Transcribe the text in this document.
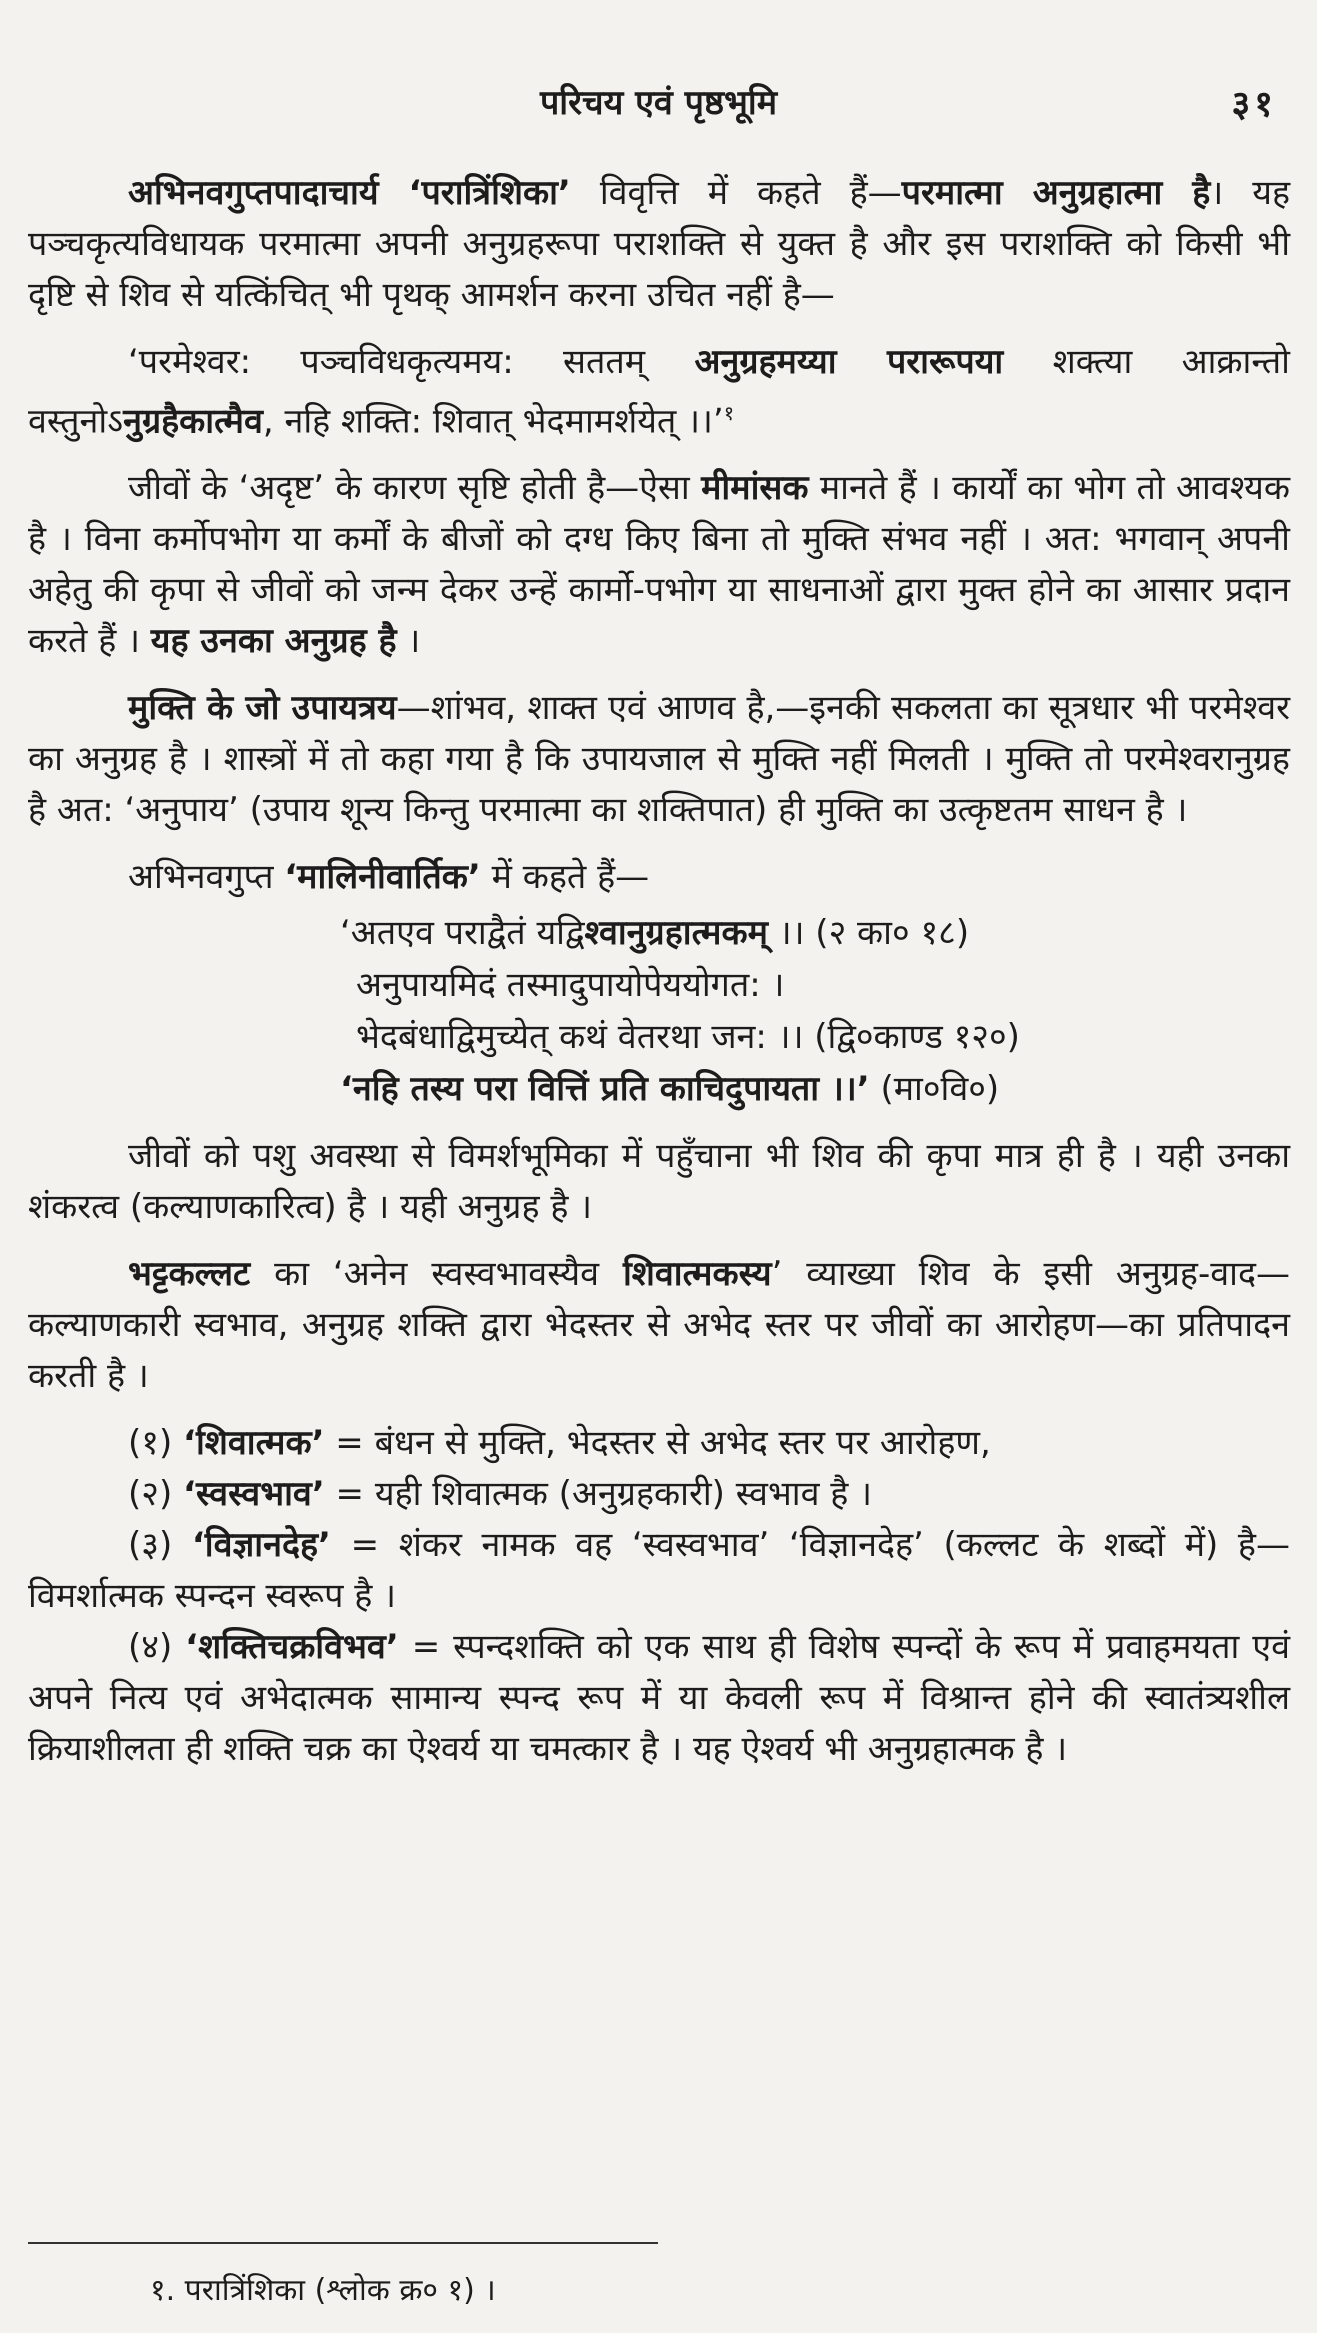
परिचय एवं पृष्ठभूमि	३१

अभिनवगुप्तपादाचार्य ‘परात्रिंशिका’ विवृत्ति में कहते हैं—परमात्मा अनुग्रहात्मा है। यह पञ्चकृत्यविधायक परमात्मा अपनी अनुग्रहरूपा पराशक्ति से युक्त है और इस पराशक्ति को किसी भी दृष्टि से शिव से यत्किंचित् भी पृथक् आमर्शन करना उचित नहीं है—

‘परमेश्वर: पञ्चविधकृत्यमय: सततम् अनुग्रहमय्या परारूपया शक्त्या आक्रान्तो वस्तुनोऽनुग्रहैकात्मैव, नहि शक्ति: शिवात् भेदमामर्शयेत् ।।’$^१$

जीवों के ‘अदृष्ट’ के कारण सृष्टि होती है—ऐसा मीमांसक मानते हैं । कार्यों का भोग तो आवश्यक है । विना कर्मोपभोग या कर्मों के बीजों को दग्ध किए बिना तो मुक्ति संभव नहीं । अत: भगवान् अपनी अहेतु की कृपा से जीवों को जन्म देकर उन्हें कार्मो-पभोग या साधनाओं द्वारा मुक्त होने का आसार प्रदान करते हैं । यह उनका अनुग्रह है ।

मुक्ति के जो उपायत्रय—शांभव, शाक्त एवं आणव है,—इनकी सकलता का सूत्रधार भी परमेश्वर का अनुग्रह है । शास्त्रों में तो कहा गया है कि उपायजाल से मुक्ति नहीं मिलती । मुक्ति तो परमेश्वरानुग्रह है अत: ‘अनुपाय’ (उपाय शून्य किन्तु परमात्मा का शक्तिपात) ही मुक्ति का उत्कृष्टतम साधन है ।

अभिनवगुप्त ‘मालिनीवार्तिक’ में कहते हैं—

‘अतएव पराद्वैतं यद्विश्वानुग्रहात्मकम् ।। (२ का० १८)
अनुपायमिदं तस्मादुपायोपेययोगत: ।
भेदबंधाद्विमुच्येत् कथं वेतरथा जन: ।। (द्वि०काण्ड १२०)
‘नहि तस्य परा वित्तिं प्रति काचिदुपायता ।।’ (मा०वि०)

जीवों को पशु अवस्था से विमर्शभूमिका में पहुँचाना भी शिव की कृपा मात्र ही है । यही उनका शंकरत्व (कल्याणकारित्व) है । यही अनुग्रह है ।

भट्टकल्लट का ‘अनेन स्वस्वभावस्यैव शिवात्मकस्य’ व्याख्या शिव के इसी अनुग्रह-वाद—कल्याणकारी स्वभाव, अनुग्रह शक्ति द्वारा भेदस्तर से अभेद स्तर पर जीवों का आरोहण—का प्रतिपादन करती है ।

(१) ‘शिवात्मक’ = बंधन से मुक्ति, भेदस्तर से अभेद स्तर पर आरोहण,

(२) ‘स्वस्वभाव’ = यही शिवात्मक (अनुग्रहकारी) स्वभाव है ।

(३) ‘विज्ञानदेह’ = शंकर नामक वह ‘स्वस्वभाव’ ‘विज्ञानदेह’ (कल्लट के शब्दों में) है—विमर्शात्मक स्पन्दन स्वरूप है ।

(४) ‘शक्तिचक्रविभव’ = स्पन्दशक्ति को एक साथ ही विशेष स्पन्दों के रूप में प्रवाहमयता एवं अपने नित्य एवं अभेदात्मक सामान्य स्पन्द रूप में या केवली रूप में विश्रान्त होने की स्वातंत्र्यशील क्रियाशीलता ही शक्ति चक्र का ऐश्वर्य या चमत्कार है । यह ऐश्वर्य भी अनुग्रहात्मक है ।

१. परात्रिंशिका (श्लोक क्र० १) ।
